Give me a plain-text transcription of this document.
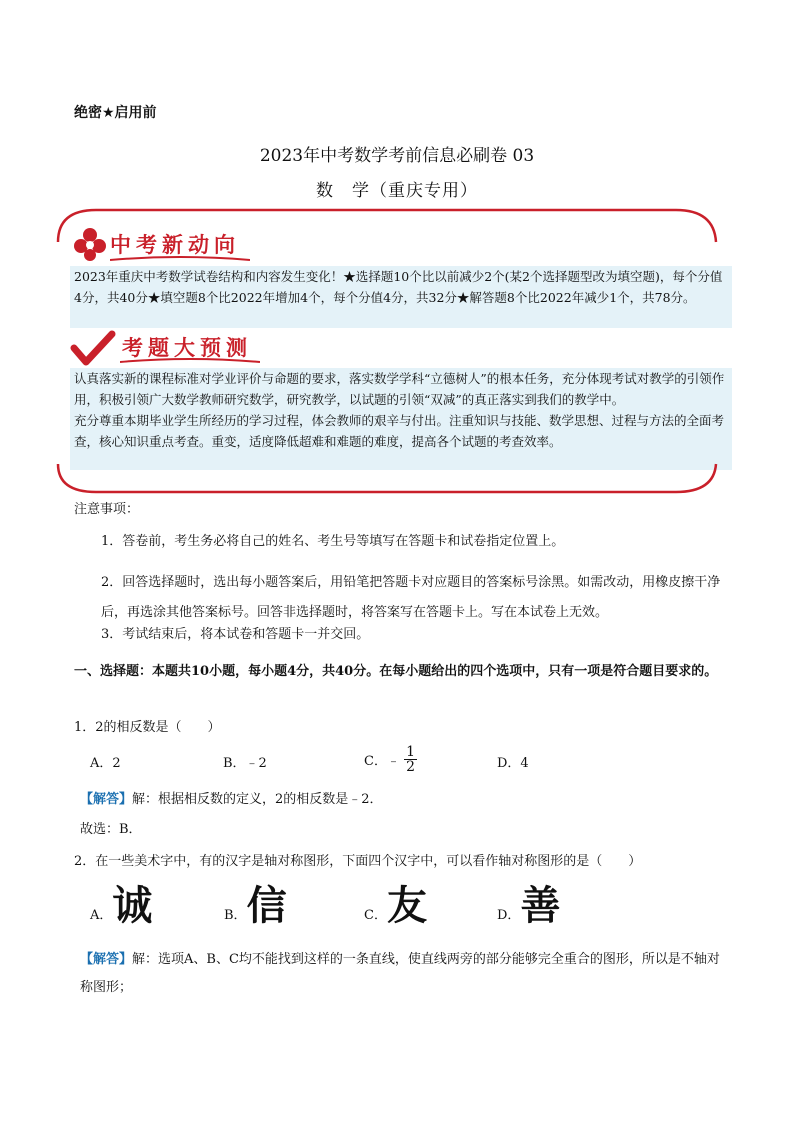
绝密★启用前
2023年中考数学考前信息必刷卷 03
数　学（重庆专用）
中考新动向
2023年重庆中考数学试卷结构和内容发生变化！★选择题10个比以前减少2个(某2个选择题型改为填空题)，每个分值4分，共40分★填空题8个比2022年增加4个，每个分值4分，共32分★解答题8个比2022年减少1个，共78分。
考题大预测
认真落实新的课程标准对学业评价与命题的要求，落实数学学科“立德树人”的根本任务，充分体现考试对教学的引领作用，积极引领广大数学教师研究数学，研究教学，以试题的引领“双减”的真正落实到我们的教学中。
充分尊重本期毕业学生所经历的学习过程，体会教师的艰辛与付出。注重知识与技能、数学思想、过程与方法的全面考查，核心知识重点考查。重变，适度降低超难和难题的难度，提高各个试题的考查效率。
注意事项：
1．答卷前，考生务必将自己的姓名、考生号等填写在答题卡和试卷指定位置上。
2．回答选择题时，选出每小题答案后，用铅笔把答题卡对应题目的答案标号涂黑。如需改动，用橡皮擦干净后，再选涂其他答案标号。回答非选择题时，将答案写在答题卡上。写在本试卷上无效。
3．考试结束后，将本试卷和答题卡一并交回。
一、选择题：本题共10小题，每小题4分，共40分。在每小题给出的四个选项中，只有一项是符合题目要求的。
1．2的相反数是（　　）
A．2	B．﹣2	C．﹣ $\frac{1}{2}$	D．4
【解答】解：根据相反数的定义，2的相反数是﹣2．
故选：B．
2．在一些美术字中，有的汉字是轴对称图形，下面四个汉字中，可以看作轴对称图形的是（　　）
A．诚	B．信	C．友	D．善
【解答】解：选项A、B、C均不能找到这样的一条直线，使直线两旁的部分能够完全重合的图形，所以是不轴对称图形；
